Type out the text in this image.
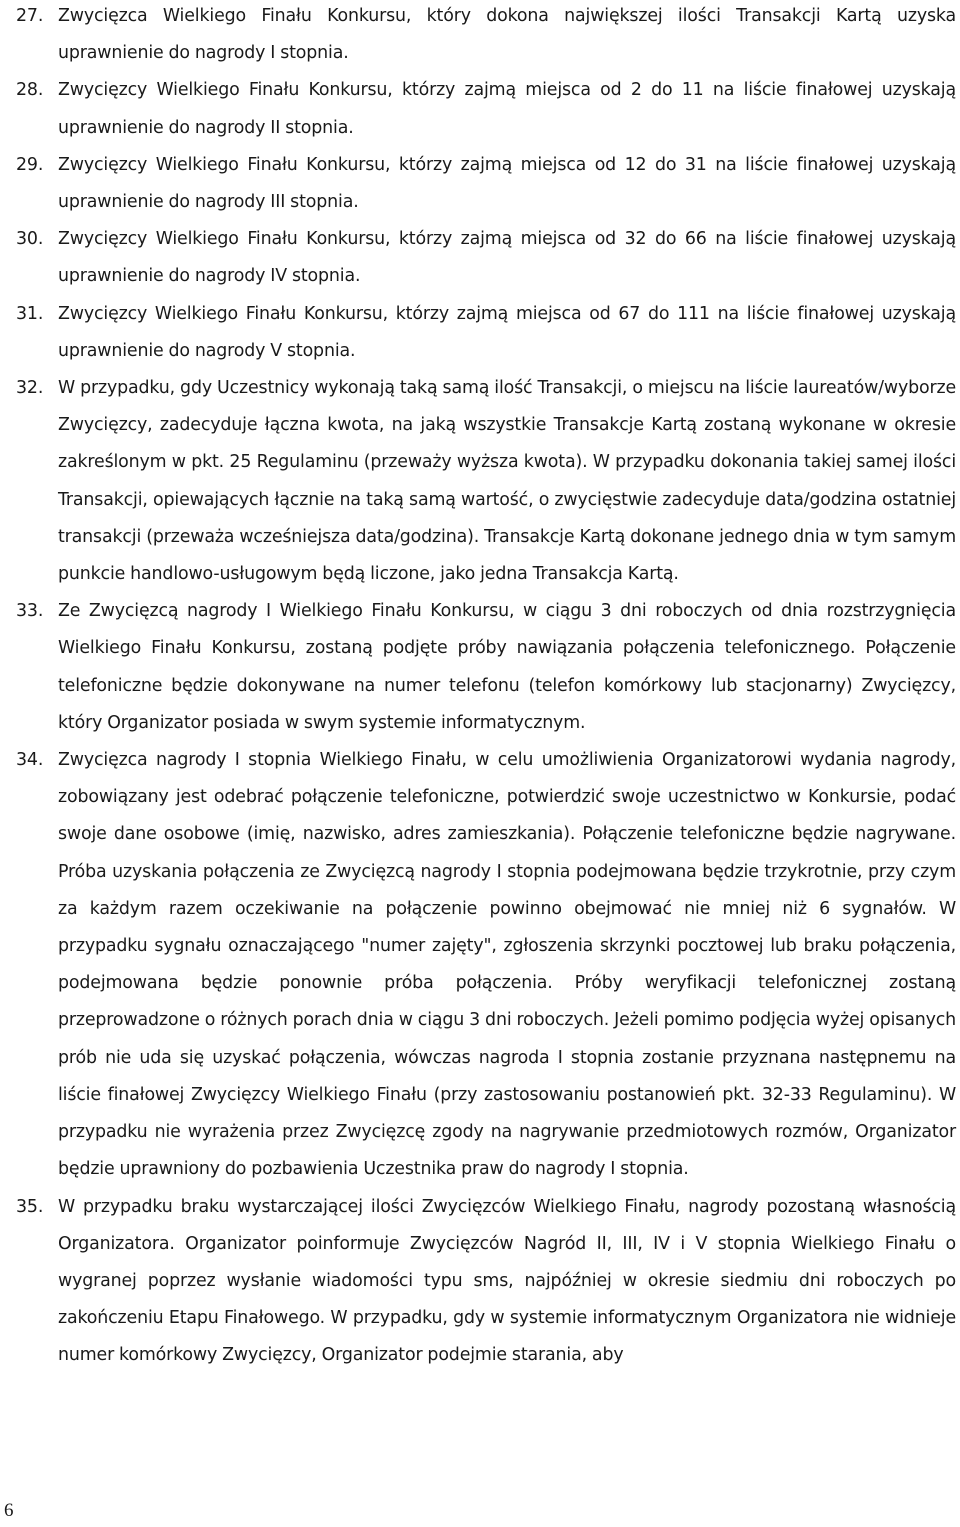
27. Zwycięzca Wielkiego Finału Konkursu, który dokona największej ilości Transakcji Kartą uzyska uprawnienie do nagrody I stopnia.
28. Zwycięzcy Wielkiego Finału Konkursu, którzy zajmą miejsca od 2 do 11 na liście finałowej uzyskają uprawnienie do nagrody II stopnia.
29. Zwycięzcy Wielkiego Finału Konkursu, którzy zajmą miejsca od 12 do 31 na liście finałowej uzyskają uprawnienie do nagrody III stopnia.
30. Zwycięzcy Wielkiego Finału Konkursu, którzy zajmą miejsca od 32 do 66 na liście finałowej uzyskają uprawnienie do nagrody IV stopnia.
31. Zwycięzcy Wielkiego Finału Konkursu, którzy zajmą miejsca od 67 do 111 na liście finałowej uzyskają uprawnienie do nagrody V stopnia.
32. W przypadku, gdy Uczestnicy wykonają taką samą ilość Transakcji, o miejscu na liście laureatów/wyborze Zwycięzcy, zadecyduje łączna kwota, na jaką wszystkie Transakcje Kartą zostaną wykonane w okresie zakreślonym w pkt. 25 Regulaminu (przeważy wyższa kwota). W przypadku dokonania takiej samej ilości Transakcji, opiewających łącznie na taką samą wartość, o zwycięstwie zadecyduje data/godzina ostatniej transakcji (przeważa wcześniejsza data/godzina). Transakcje Kartą dokonane jednego dnia w tym samym punkcie handlowo-usługowym będą liczone, jako jedna Transakcja Kartą.
33. Ze Zwycięzcą nagrody I Wielkiego Finału Konkursu, w ciągu 3 dni roboczych od dnia rozstrzygnięcia Wielkiego Finału Konkursu, zostaną podjęte próby nawiązania połączenia telefonicznego. Połączenie telefoniczne będzie dokonywane na numer telefonu (telefon komórkowy lub stacjonarny) Zwycięzcy, który Organizator posiada w swym systemie informatycznym.
34. Zwycięzca nagrody I stopnia Wielkiego Finału, w celu umożliwienia Organizatorowi wydania nagrody, zobowiązany jest odebrać połączenie telefoniczne, potwierdzić swoje uczestnictwo w Konkursie, podać swoje dane osobowe (imię, nazwisko, adres zamieszkania). Połączenie telefoniczne będzie nagrywane. Próba uzyskania połączenia ze Zwycięzcą nagrody I stopnia podejmowana będzie trzykrotnie, przy czym za każdym razem oczekiwanie na połączenie powinno obejmować nie mniej niż 6 sygnałów. W przypadku sygnału oznaczającego "numer zajęty", zgłoszenia skrzynki pocztowej lub braku połączenia, podejmowana będzie ponownie próba połączenia. Próby weryfikacji telefonicznej zostaną przeprowadzone o różnych porach dnia w ciągu 3 dni roboczych. Jeżeli pomimo podjęcia wyżej opisanych prób nie uda się uzyskać połączenia, wówczas nagroda I stopnia zostanie przyznana następnemu na liście finałowej Zwycięzcy Wielkiego Finału (przy zastosowaniu postanowień pkt. 32-33 Regulaminu). W przypadku nie wyrażenia przez Zwycięzcę zgody na nagrywanie przedmiotowych rozmów, Organizator będzie uprawniony do pozbawienia Uczestnika praw do nagrody I stopnia.
35. W przypadku braku wystarczającej ilości Zwycięzców Wielkiego Finału, nagrody pozostaną własnością Organizatora. Organizator poinformuje Zwycięzców Nagród II, III, IV i V stopnia Wielkiego Finału o wygranej poprzez wysłanie wiadomości typu sms, najpóźniej w okresie siedmiu dni roboczych po zakończeniu Etapu Finałowego. W przypadku, gdy w systemie informatycznym Organizatora nie widnieje numer komórkowy Zwycięzcy, Organizator podejmie starania, aby
6
